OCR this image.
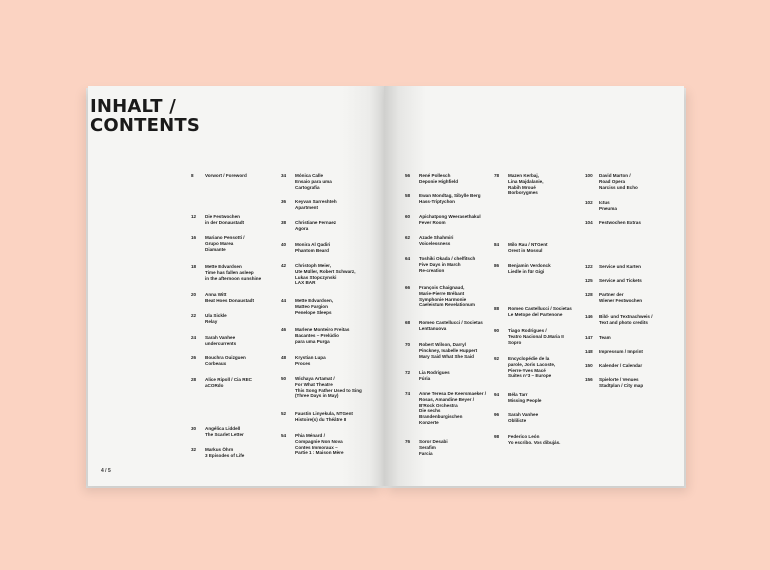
INHALT /
CONTENTS
8 Vorwort / Foreword
12 Die Festwochen
in der Donaustadt
16 Mariano Pensotti /
Grupo Marea
Diamante
18 Mette Edvardsen
Time has fallen asleep
in the afternoon sunshine
20 Anna Witt
Beat Hoes Donaustadt
22 Ula Sickle
Relay
24 Sarah Vanhee
undercurrents
26 Bouchra Ouizguen
Corbeaux
28 Alice Ripoll / Cia REC
aCORdo
30 Angélica Liddell
The Scarlet Letter
32 Markus Öhrn
3 Episodes of Life
34 Mónica Calle
Ensaio para uma
Cartografia
36 Keyvan Sarreshteh
Apartment
38 Christiane Fernaez
Agora
40 Monira Al Qadiri
Phantom Beard
42 Christoph Meier,
Ute Müller, Robert Schwarz,
Lukas Stopczynski
LAX BAR
44 Mette Edvardsen,
Matteo Fargion
Penelope Sleeps
46 Marlene Monteiro Freitas
Bacantes – Prelúdio
para uma Purga
48 Krystian Lupa
Proces
50 Wichaya Artamat /
For What Theatre
This Song Father Used to Sing
(Three Days in May)
52 Faustin Linyekula, NTGent
Histoire(s) du Théâtre II
54 Phia Ménard /
Compagnie Non Nova
Contes Immoraux –
Partie 1 : Maison Mère
56 René Pollesch
Deponie Highfield
58 Ewan Mondtag, Sibylle Berg
Hass-Triptychon
60 Apichatpong Weerasethakul
Fever Room
62 Azade Shahmiri
Voicelessness
64 Toshiki Okada / chelfitsch
Five Days in March
Re-creation
66 François Chaignaud,
Marie-Pierre Brébant
Symphonie Harmonie
Caeleistum Revelationum
68 Romeo Castellucci / Societas
Lenttanuova
70 Robert Wilson, Darryl
Pinckney, Isabelle Huppert
Mary Said What She Said
72 Lia Rodrigues
Fúria
74 Anne Teresa De Keersmaeker /
Rosas, Amandine Beyer /
B'Rock Orchestra
Die sechs
Brandenburgischen
Konzerte
76 Soror Desabi
Serafim
Farcia
78 Mazen Kerbaj,
Lina Majdalanie,
Rabih Mroué
Borborygmes
84 Milo Rau / NTGent
Orest in Mossul
86 Benjamin Verdonck
Liedle in für Gigi
88 Romeo Castellucci / Societas
Le Metope del Partenone
90 Tiago Rodrigues /
Teatro Nacional D.Maria II
Sopro
92 Encyclopédie de la
parole, Joris Lacoste,
Pierre-Yves Macé
Suites n°3 – Europe
94 Béla Tarr
Missing People
96 Sarah Vanhee
Oblilicte
98 Federico León
Yo escribo. Vos dibujás.
100 David Marton /
Road Opera
Narciss und Echo
102 Ictus
Pneuma
104 Festwochen Extras
122 Service und Karten
125 Service and Tickets
128 Partner der
Wiener Festwochen
146 Bild- und Textnachweis /
Text and photo credits
147 Team
148 Impressum / Imprint
150 Kalender / Calendar
156 Spielorte / Venues
Stadtplan / City map
4 / 5
